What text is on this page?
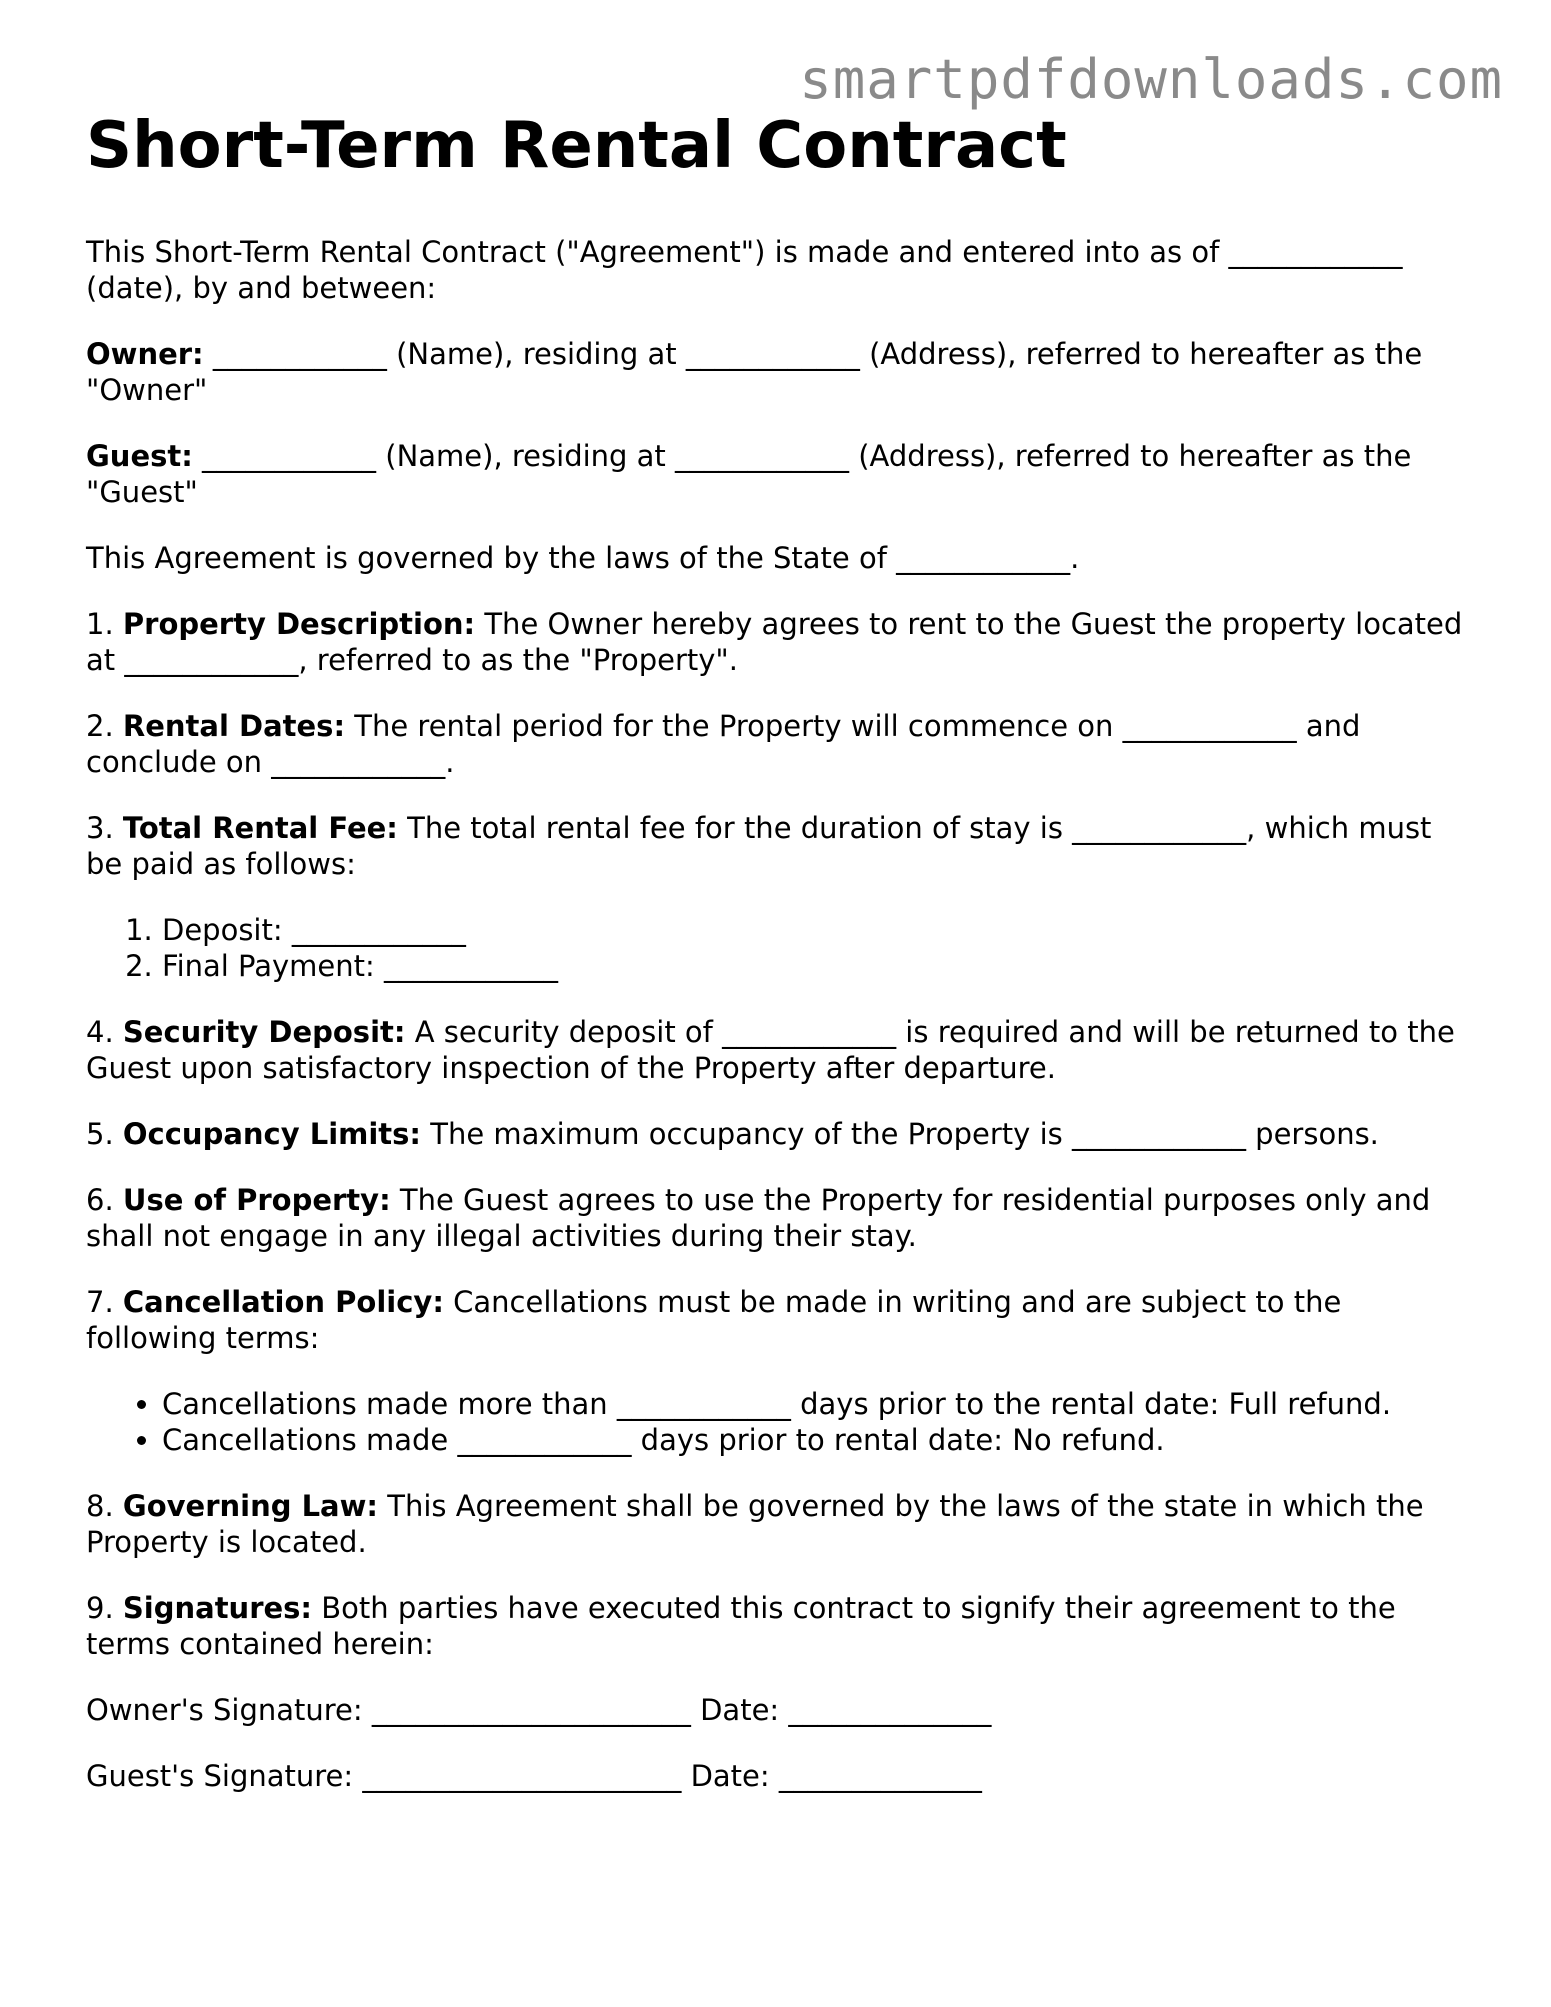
smartpdfdownloads.com
Short-Term Rental Contract

This Short-Term Rental Contract ("Agreement") is made and entered into as of ____________ (date), by and between:

Owner: ____________ (Name), residing at ____________ (Address), referred to hereafter as the "Owner"

Guest: ____________ (Name), residing at ____________ (Address), referred to hereafter as the "Guest"

This Agreement is governed by the laws of the State of ____________.

1. Property Description: The Owner hereby agrees to rent to the Guest the property located at ____________, referred to as the "Property".

2. Rental Dates: The rental period for the Property will commence on ____________ and conclude on ____________.

3. Total Rental Fee: The total rental fee for the duration of stay is ____________, which must be paid as follows:

1. Deposit: ____________
2. Final Payment: ____________

4. Security Deposit: A security deposit of ____________ is required and will be returned to the Guest upon satisfactory inspection of the Property after departure.

5. Occupancy Limits: The maximum occupancy of the Property is ____________ persons.

6. Use of Property: The Guest agrees to use the Property for residential purposes only and shall not engage in any illegal activities during their stay.

7. Cancellation Policy: Cancellations must be made in writing and are subject to the following terms:

• Cancellations made more than ____________ days prior to the rental date: Full refund.
• Cancellations made ____________ days prior to rental date: No refund.

8. Governing Law: This Agreement shall be governed by the laws of the state in which the Property is located.

9. Signatures: Both parties have executed this contract to signify their agreement to the terms contained herein:

Owner's Signature: ______________________ Date: ______________

Guest's Signature: ______________________ Date: ______________
